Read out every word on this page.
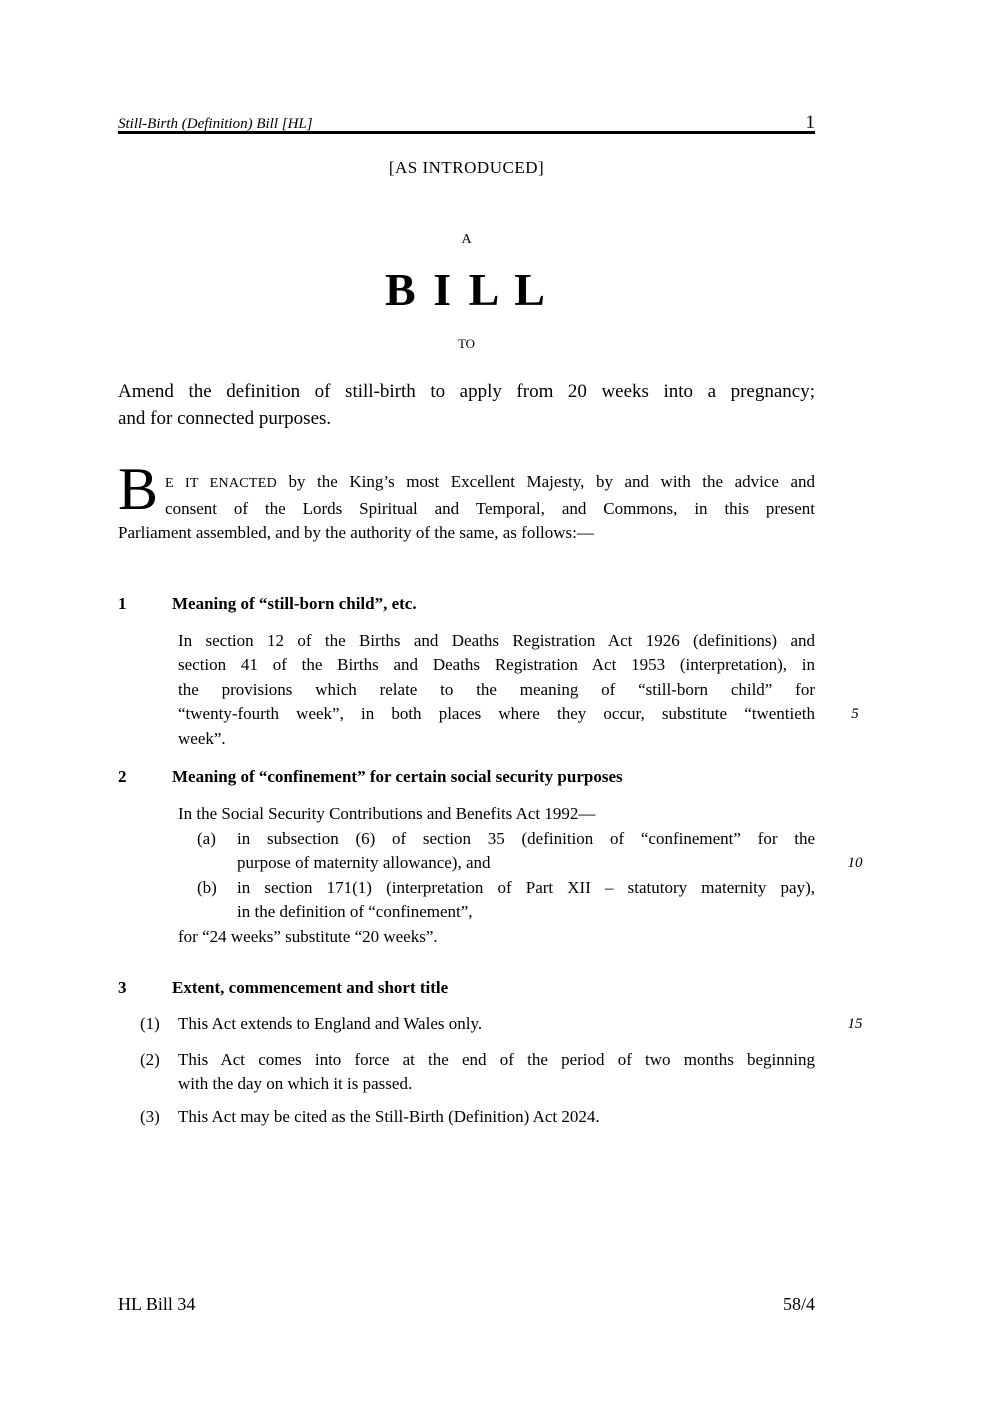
Still-Birth (Definition) Bill [HL]	1
[AS INTRODUCED]
A
B I L L
TO
Amend the definition of still-birth to apply from 20 weeks into a pregnancy;
and for connected purposes.
B E IT ENACTED by the King’s most Excellent Majesty, by and with the advice and
consent of the Lords Spiritual and Temporal, and Commons, in this present
Parliament assembled, and by the authority of the same, as follows:—
1	Meaning of “still-born child”, etc.
In section 12 of the Births and Deaths Registration Act 1926 (definitions) and
section 41 of the Births and Deaths Registration Act 1953 (interpretation), in
the provisions which relate to the meaning of “still-born child” for
“twenty-fourth week”, in both places where they occur, substitute “twentieth	5
week”.
2	Meaning of “confinement” for certain social security purposes
In the Social Security Contributions and Benefits Act 1992—
(a) in subsection (6) of section 35 (definition of “confinement” for the
purpose of maternity allowance), and	10
(b) in section 171(1) (interpretation of Part XII – statutory maternity pay),
in the definition of “confinement”,
for “24 weeks” substitute “20 weeks”.
3	Extent, commencement and short title
(1) This Act extends to England and Wales only.	15
(2) This Act comes into force at the end of the period of two months beginning
with the day on which it is passed.
(3) This Act may be cited as the Still-Birth (Definition) Act 2024.
HL Bill 34	58/4
